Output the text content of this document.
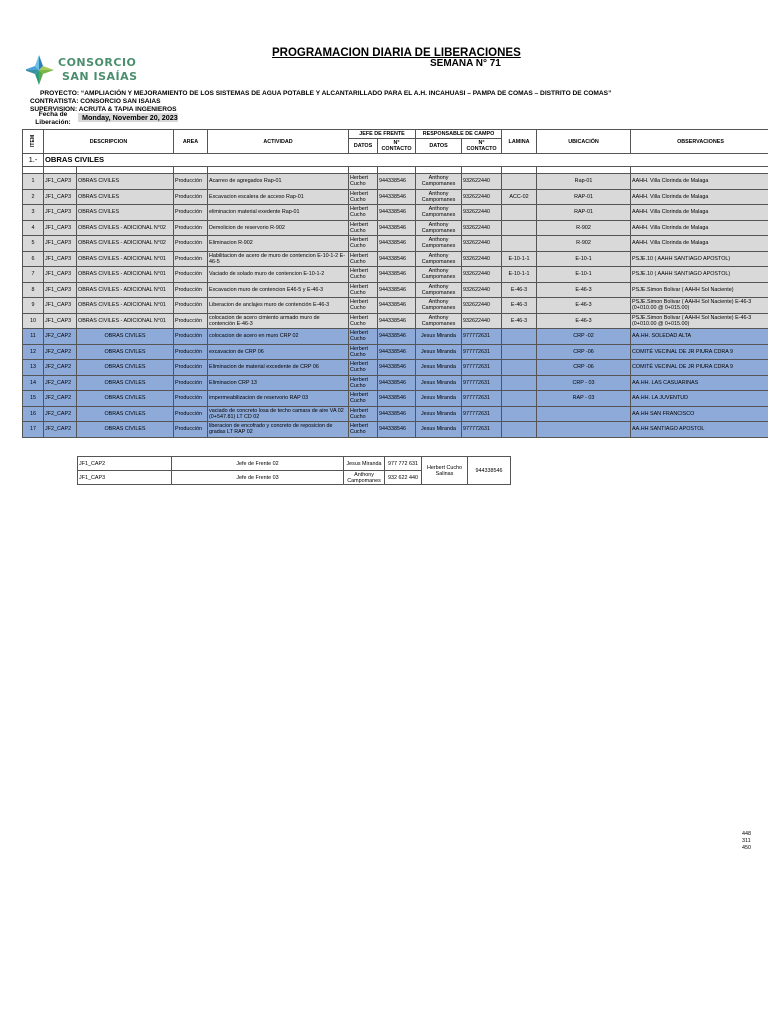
CONSORCIO
SAN ISAÍAS
PROGRAMACION DIARIA DE LIBERACIONES
SEMANA N° 71
PROYECTO: “AMPLIACIÓN Y MEJORAMIENTO DE LOS SISTEMAS DE AGUA POTABLE Y ALCANTARILLADO PARA EL A.H. INCAHUASI – PAMPA DE COMAS – DISTRITO DE COMAS”
CONTRATISTA: CONSORCIO SAN ISAIAS
SUPERVISION: ACRUTA & TAPIA INGENIEROS
Fecha de Liberación:
Monday, November 20, 2023
ITEM	DESCRIPCION		AREA	ACTIVIDAD	JEFE DE FRENTE		RESPONSABLE DE CAMPO		LAMINA	UBICACIÓN	OBSERVACIONES
					DATOS	N° CONTACTO	DATOS	N° CONTACTO			
1.-	OBRAS CIVILES										

1	JF1_CAP3	OBRAS CIVILES	Producción	Acarreo de agregados Rap-01	Herbert Cucho	944338546	Anthony Campomanes	932622440		Rap-01	AAHH. Villa Clorinda de Malaga
2	JF1_CAP3	OBRAS CIVILES	Producción	Excavacion escalera de acceso Rap-01	Herbert Cucho	944338546	Anthony Campomanes	932622440	ACC-02	RAP-01	AAHH. Villa Clorinda de Malaga
3	JF1_CAP3	OBRAS CIVILES	Producción	eliminacion material exedente Rap-01	Herbert Cucho	944338546	Anthony Campomanes	932622440		RAP-01	AAHH. Villa Clorinda de Malaga
4	JF1_CAP3	OBRAS CIVILES - ADICIONAL N°02	Producción	Demolicion de reservorio R-902	Herbert Cucho	944338546	Anthony Campomanes	932622440		R-902	AAHH. Villa Clorinda de Malaga
5	JF1_CAP3	OBRAS CIVILES - ADICIONAL N°02	Producción	Eliminacion R-902	Herbert Cucho	944338546	Anthony Campomanes	932622440		R-902	AAHH. Villa Clorinda de Malaga
6	JF1_CAP3	OBRAS CIVILES - ADICIONAL N°01	Producción	Habilitacion de acero de muro de contencion E-10-1-2 E-46-5	Herbert Cucho	944338546	Anthony Campomanes	932622440	E-10-1-1	E-10-1	PSJE.10 ( AAHH SANTIAGO APOSTOL)
7	JF1_CAP3	OBRAS CIVILES - ADICIONAL N°01	Producción	Vaciado de solado muro de contencion E-10-1-2	Herbert Cucho	944338546	Anthony Campomanes	932622440	E-10-1-1	E-10-1	PSJE.10 ( AAHH SANTIAGO APOSTOL)
8	JF1_CAP3	OBRAS CIVILES - ADICIONAL N°01	Producción	Excavacion muro de contencion E46-5 y E-46-3	Herbert Cucho	944338546	Anthony Campomanes	932622440	E-46-3	E-46-3	PSJE.Simon Bolivar ( AAHH Sol Naciente)
9	JF1_CAP3	OBRAS CIVILES - ADICIONAL N°01	Producción	Liberacion de anclajes muro de contención E-46-3	Herbert Cucho	944338546	Anthony Campomanes	932622440	E-46-3	E-46-3	PSJE.Simon Bolivar ( AAHH Sol Naciente) E-46-3 (0+010.00 @ 0+015.00)
10	JF1_CAP3	OBRAS CIVILES - ADICIONAL N°01	Producción	colocacion de acero cimiento armado muro de contención E-46-3	Herbert Cucho	944338546	Anthony Campomanes	932622440	E-46-3	E-46-3	PSJE.Simon Bolivar ( AAHH Sol Naciente) E-46-3 (0+010.00 @ 0+015.00)
11	JF2_CAP2	OBRAS CIVILES	Producción	colocacion de acero en muro CRP 02	Herbert Cucho	944338546	Jesus Miranda	977772631		CRP -02	AA.HH. SOLEDAD ALTA
12	JF2_CAP2	OBRAS CIVILES	Producción	excavacion de CRP 06	Herbert Cucho	944338546	Jesus Miranda	977772631		CRP -06	COMITÉ VECINAL DE JR PIURA CDRA 9
13	JF2_CAP2	OBRAS CIVILES	Producción	Eliminacion de material excedente de CRP 06	Herbert Cucho	944338546	Jesus Miranda	977772631		CRP -06	COMITÉ VECINAL DE JR PIURA CDRA 9
14	JF2_CAP2	OBRAS CIVILES	Producción	Eliminacion CRP 13	Herbert Cucho	944338546	Jesus Miranda	977772631		CRP - 03	AA.HH. LAS CASUARINAS
15	JF2_CAP2	OBRAS CIVILES	Producción	impermeabilizacion de reservorio RAP 03	Herbert Cucho	944338546	Jesus Miranda	977772631		RAP - 03	AA.HH. LA JUVENTUD
16	JF2_CAP2	OBRAS CIVILES	Producción	vaciado de concreto losa de techo camara de aire VA 02 (0+547.81) LT CD 02	Herbert Cucho	944338546	Jesus Miranda	977772631			AA.HH SAN FRANCISCO
17	JF2_CAP2	OBRAS CIVILES	Producción	liberacion de encofrado y concreto de reposicion de gradas LT RAP 02	Herbert Cucho	944338546	Jesus Miranda	977772631			AA.HH SANTIAGO APOSTOL
JF1_CAP2	Jefe de Frente 02	Jesus Miranda	977 772 631	Herbert Cucho Salinas	944338546
JF1_CAP3	Jefe de Frente 03	Anthony Campomanes	932 622 440		
448
311
450
